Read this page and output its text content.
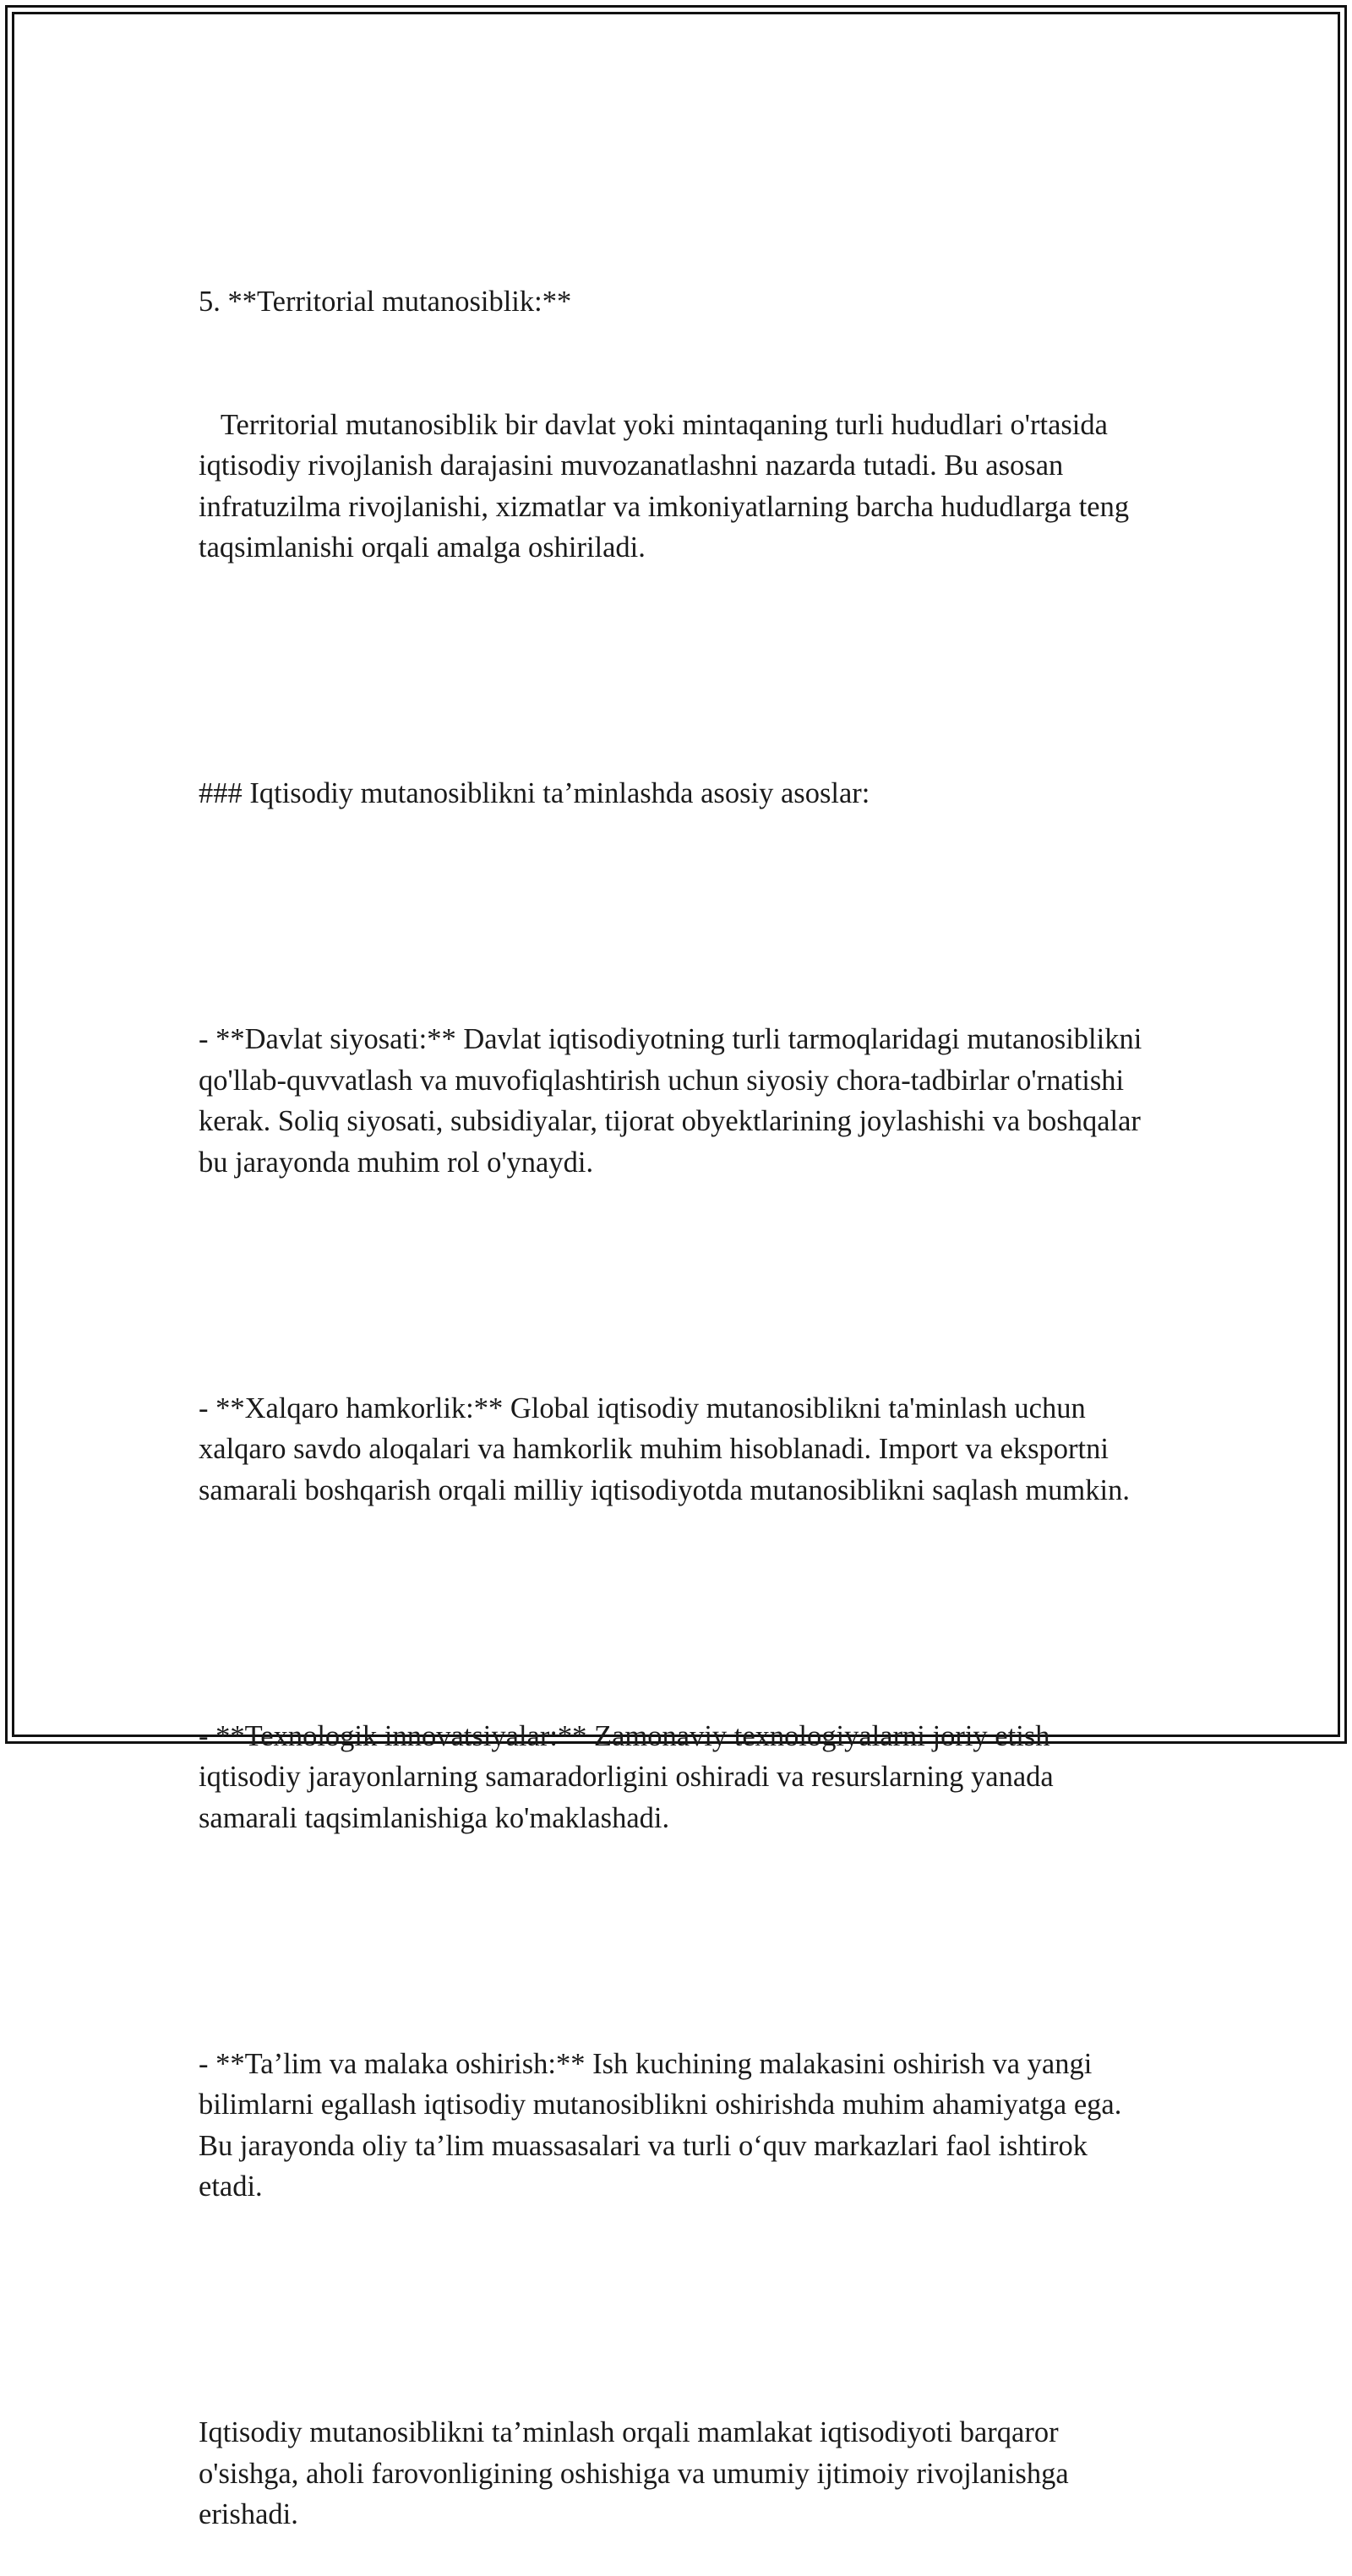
5. **Territorial mutanosiblik:**

Territorial mutanosiblik bir davlat yoki mintaqaning turli hududlari o'rtasida iqtisodiy rivojlanish darajasini muvozanatlashni nazarda tutadi. Bu asosan infratuzilma rivojlanishi, xizmatlar va imkoniyatlarning barcha hududlarga teng taqsimlanishi orqali amalga oshiriladi.

### Iqtisodiy mutanosiblikni ta’minlashda asosiy asoslar:

- **Davlat siyosati:** Davlat iqtisodiyotning turli tarmoqlaridagi mutanosiblikni qo'llab-quvvatlash va muvofiqlashtirish uchun siyosiy chora-tadbirlar o'rnatishi kerak. Soliq siyosati, subsidiyalar, tijorat obyektlarining joylashishi va boshqalar bu jarayonda muhim rol o'ynaydi.

- **Xalqaro hamkorlik:** Global iqtisodiy mutanosiblikni ta'minlash uchun xalqaro savdo aloqalari va hamkorlik muhim hisoblanadi. Import va eksportni samarali boshqarish orqali milliy iqtisodiyotda mutanosiblikni saqlash mumkin.

- **Texnologik innovatsiyalar:** Zamonaviy texnologiyalarni joriy etish iqtisodiy jarayonlarning samaradorligini oshiradi va resurslarning yanada samarali taqsimlanishiga ko'maklashadi.

- **Ta’lim va malaka oshirish:** Ish kuchining malakasini oshirish va yangi bilimlarni egallash iqtisodiy mutanosiblikni oshirishda muhim ahamiyatga ega. Bu jarayonda oliy ta’lim muassasalari va turli o‘quv markazlari faol ishtirok etadi.

Iqtisodiy mutanosiblikni ta’minlash orqali mamlakat iqtisodiyoti barqaror o'sishga, aholi farovonligining oshishiga va umumiy ijtimoiy rivojlanishga erishadi.
